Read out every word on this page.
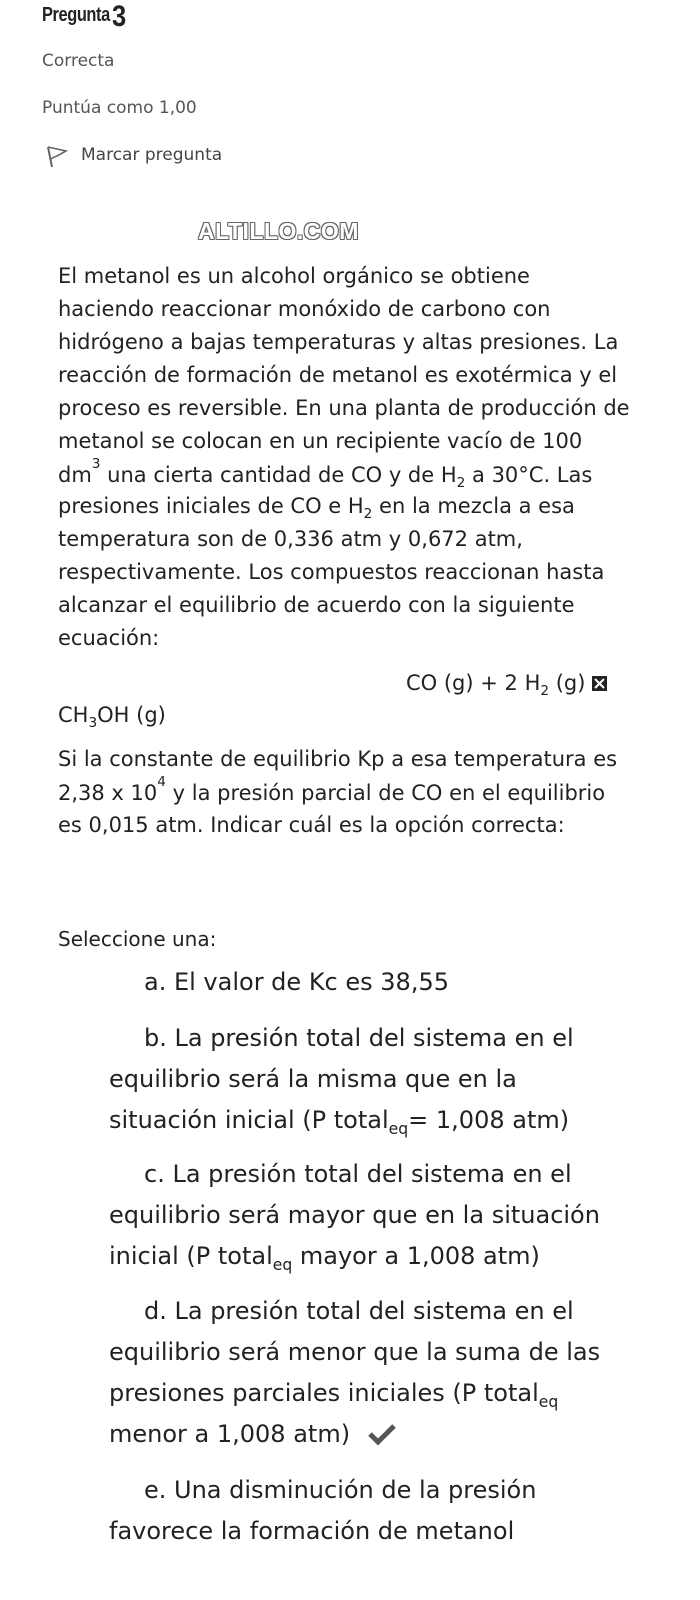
Pregunta 3
Correcta
Puntúa como 1,00
Marcar pregunta
ALTILLO.COM
El metanol es un alcohol orgánico se obtiene
haciendo reaccionar monóxido de carbono con
hidrógeno a bajas temperaturas y altas presiones. La
reacción de formación de metanol es exotérmica y el
proceso es reversible. En una planta de producción de
metanol se colocan en un recipiente vacío de 100
$dm^3$ una cierta cantidad de CO y de $H_2$ a 30°C. Las
presiones iniciales de CO e $H_2$ en la mezcla a esa
temperatura son de 0,336 atm y 0,672 atm,
respectivamente. Los compuestos reaccionan hasta
alcanzar el equilibrio de acuerdo con la siguiente
ecuación:
CO (g) + 2 $H_2$ (g)
$CH_3OH$ (g)
Si la constante de equilibrio Kp a esa temperatura es
2,38 x $10^4$ y la presión parcial de CO en el equilibrio
es 0,015 atm. Indicar cuál es la opción correcta:
Seleccione una:
a. El valor de Kc es 38,55
b. La presión total del sistema en el
equilibrio será la misma que en la
situación inicial (P total$_{eq}$= 1,008 atm)
c. La presión total del sistema en el
equilibrio será mayor que en la situación
inicial (P total$_{eq}$ mayor a 1,008 atm)
d. La presión total del sistema en el
equilibrio será menor que la suma de las
presiones parciales iniciales (P total$_{eq}$
menor a 1,008 atm)
e. Una disminución de la presión
favorece la formación de metanol
